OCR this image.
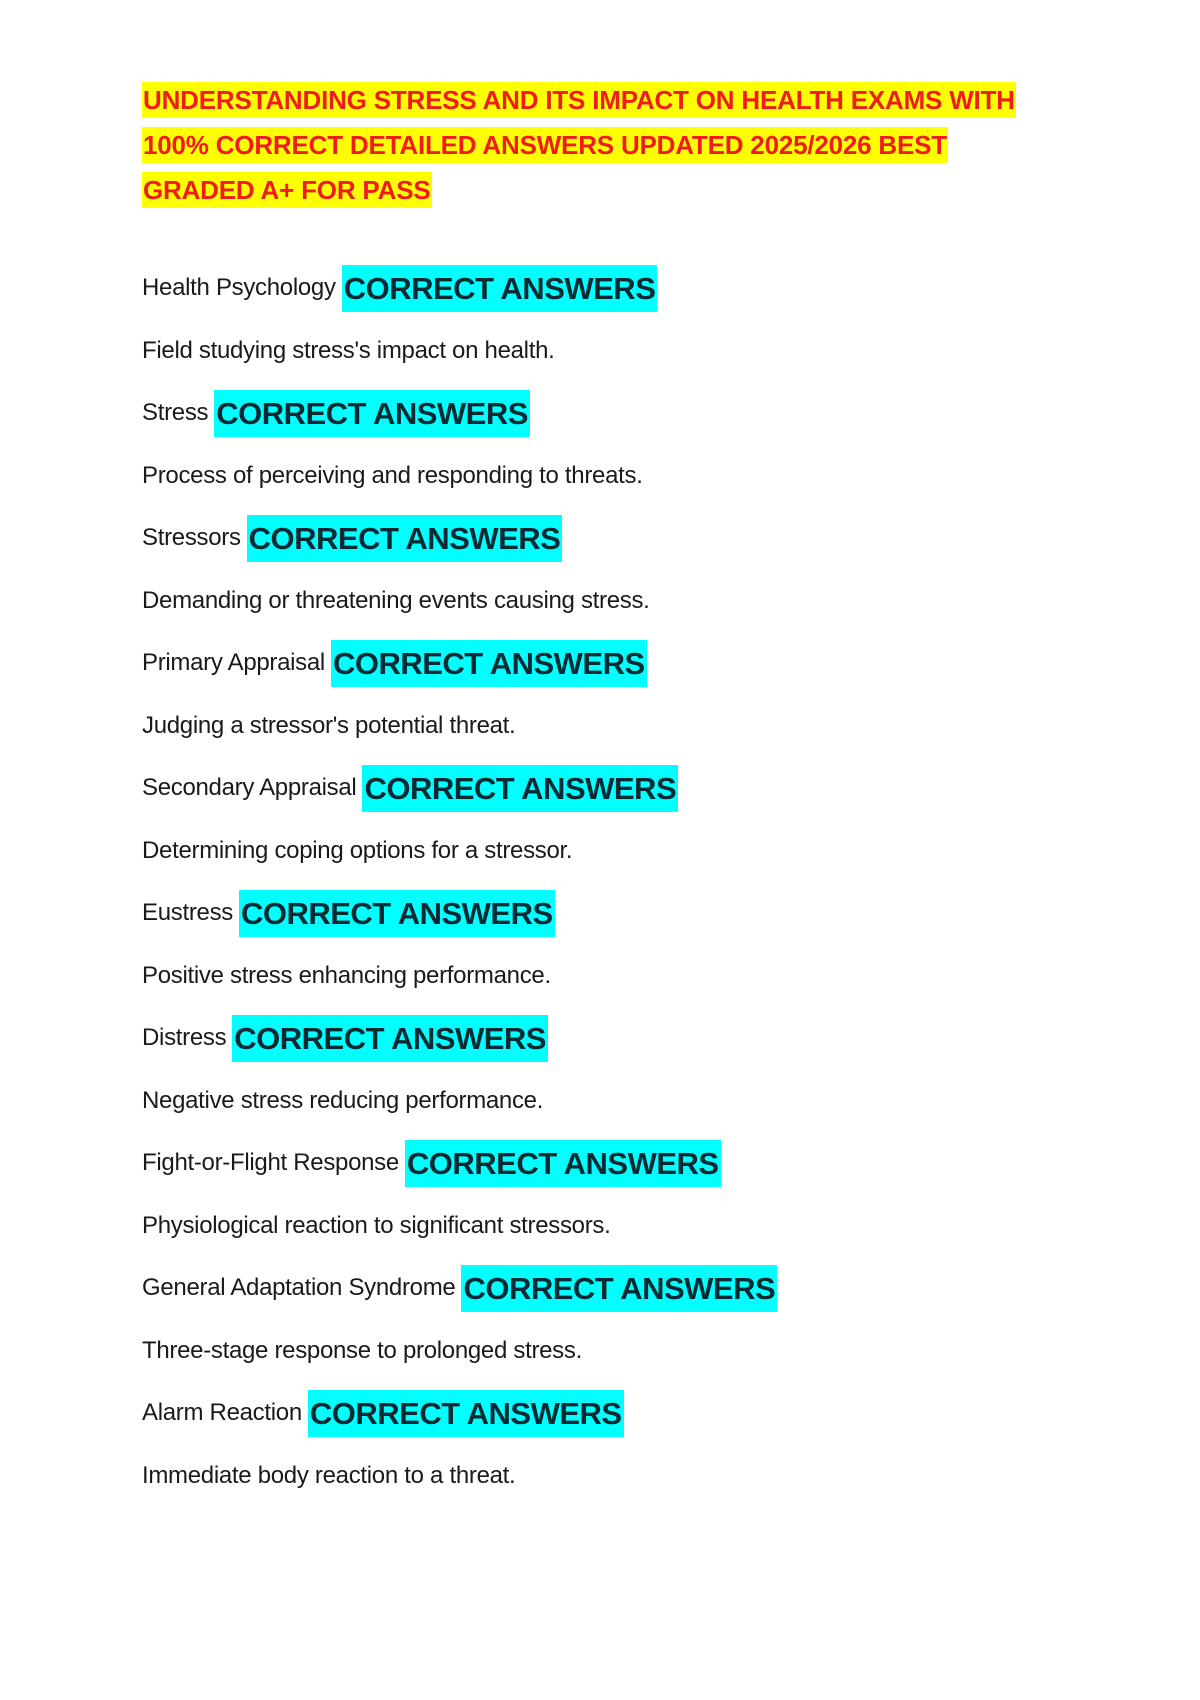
UNDERSTANDING STRESS AND ITS IMPACT ON HEALTH EXAMS WITH 100% CORRECT DETAILED ANSWERS UPDATED 2025/2026 BEST GRADED A+ FOR PASS
Health Psychology CORRECT ANSWERS
Field studying stress's impact on health.
Stress CORRECT ANSWERS
Process of perceiving and responding to threats.
Stressors CORRECT ANSWERS
Demanding or threatening events causing stress.
Primary Appraisal CORRECT ANSWERS
Judging a stressor's potential threat.
Secondary Appraisal CORRECT ANSWERS
Determining coping options for a stressor.
Eustress CORRECT ANSWERS
Positive stress enhancing performance.
Distress CORRECT ANSWERS
Negative stress reducing performance.
Fight-or-Flight Response CORRECT ANSWERS
Physiological reaction to significant stressors.
General Adaptation Syndrome CORRECT ANSWERS
Three-stage response to prolonged stress.
Alarm Reaction CORRECT ANSWERS
Immediate body reaction to a threat.
